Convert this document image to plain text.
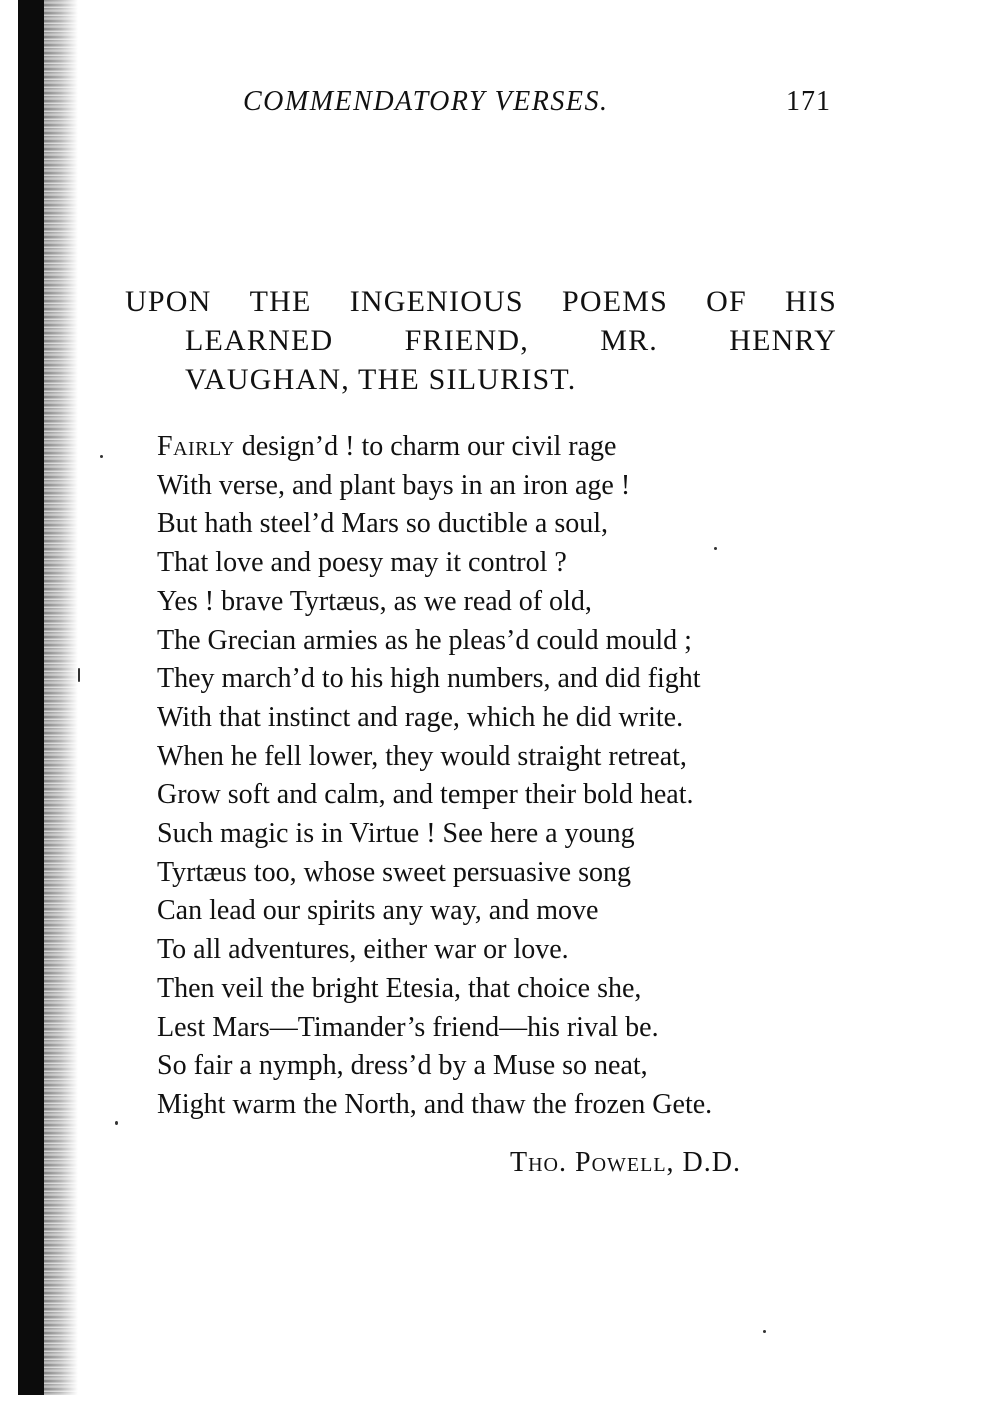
COMMENDATORY VERSES.	171
UPON THE INGENIOUS POEMS OF HIS
LEARNED FRIEND, MR. HENRY
VAUGHAN, THE SILURIST.
Fairly design’d ! to charm our civil rage
With verse, and plant bays in an iron age !
But hath steel’d Mars so ductible a soul,
That love and poesy may it control ?
Yes ! brave Tyrtæus, as we read of old,
The Grecian armies as he pleas’d could mould ;
They march’d to his high numbers, and did fight
With that instinct and rage, which he did write.
When he fell lower, they would straight retreat,
Grow soft and calm, and temper their bold heat.
Such magic is in Virtue ! See here a young
Tyrtæus too, whose sweet persuasive song
Can lead our spirits any way, and move
To all adventures, either war or love.
Then veil the bright Etesia, that choice she,
Lest Mars—Timander’s friend—his rival be.
So fair a nymph, dress’d by a Muse so neat,
Might warm the North, and thaw the frozen Gete.
Tho. Powell, D.D.
